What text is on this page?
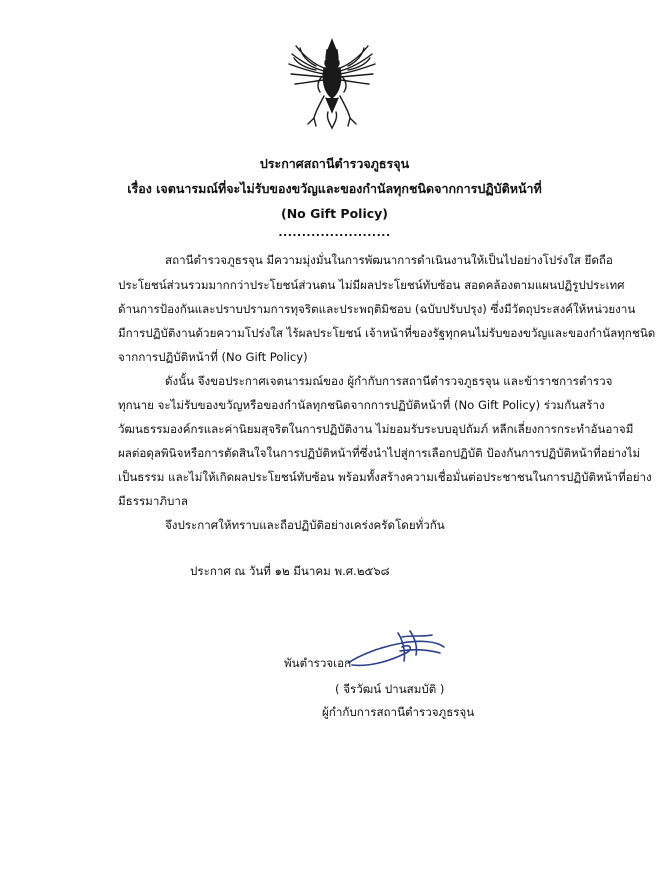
ประกาศสถานีตำรวจภูธรจุน
เรื่อง เจตนารมณ์ที่จะไม่รับของขวัญและของกำนัลทุกชนิดจากการปฏิบัติหน้าที่
(No Gift Policy)
........................
สถานีตำรวจภูธรจุน มีความมุ่งมั่นในการพัฒนาการดำเนินงานให้เป็นไปอย่างโปร่งใส ยึดถือ
ประโยชน์ส่วนรวมมากกว่าประโยชน์ส่วนตน ไม่มีผลประโยชน์ทับซ้อน สอดคล้องตามแผนปฏิรูปประเทศ
ด้านการป้องกันและปราบปรามการทุจริตและประพฤติมิชอบ (ฉบับปรับปรุง) ซึ่งมีวัตถุประสงค์ให้หน่วยงาน
มีการปฏิบัติงานด้วยความโปร่งใส ไร้ผลประโยชน์ เจ้าหน้าที่ของรัฐทุกคนไม่รับของขวัญและของกำนัลทุกชนิด
จากการปฏิบัติหน้าที่ (No Gift Policy)
ดังนั้น จึงขอประกาศเจตนารมณ์ของ ผู้กำกับการสถานีตำรวจภูธรจุน และข้าราชการตำรวจ
ทุกนาย จะไม่รับของขวัญหรือของกำนัลทุกชนิดจากการปฏิบัติหน้าที่ (No Gift Policy) ร่วมกันสร้าง
วัฒนธรรมองค์กรและค่านิยมสุจริตในการปฏิบัติงาน ไม่ยอมรับระบบอุปถัมภ์ หลีกเลี่ยงการกระทำอันอาจมี
ผลต่อดุลพินิจหรือการตัดสินใจในการปฏิบัติหน้าที่ซึ่งนำไปสู่การเลือกปฏิบัติ ป้องกันการปฏิบัติหน้าที่อย่างไม่
เป็นธรรม และไม่ให้เกิดผลประโยชน์ทับซ้อน พร้อมทั้งสร้างความเชื่อมั่นต่อประชาชนในการปฏิบัติหน้าที่อย่าง
มีธรรมาภิบาล
จึงประกาศให้ทราบและถือปฏิบัติอย่างเคร่งครัดโดยทั่วกัน
ประกาศ ณ วันที่ ๑๒ มีนาคม พ.ศ.๒๕๖๘
พันตำรวจเอก
( จีรวัฒน์ ปานสมบัติ )
ผู้กำกับการสถานีตำรวจภูธรจุน
